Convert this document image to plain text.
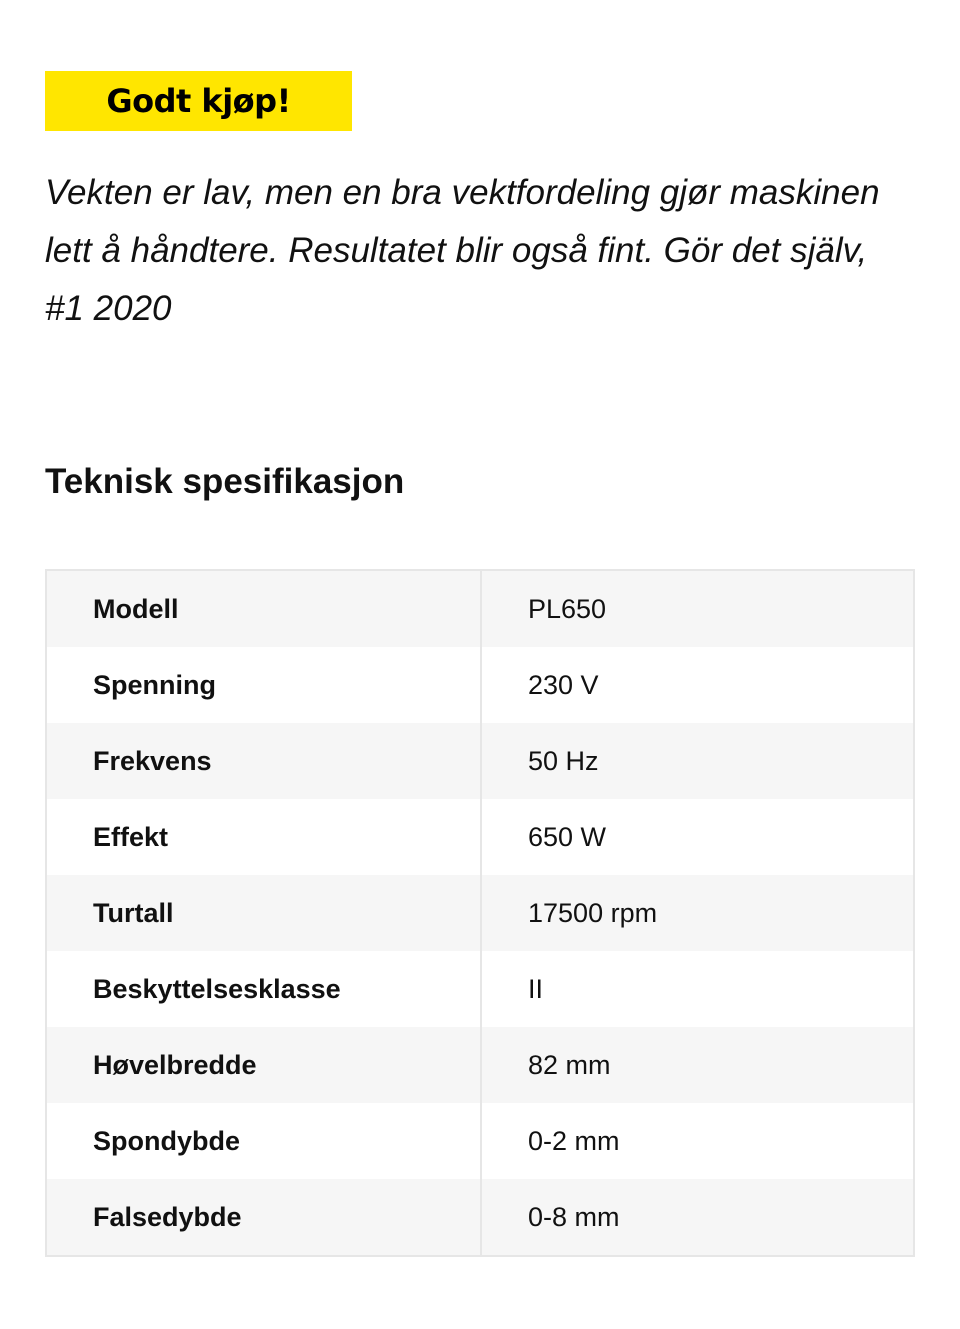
Godt kjøp!

Vekten er lav, men en bra vektfordeling gjør maskinen lett å håndtere. Resultatet blir også fint. Gör det själv, #1 2020

Teknisk spesifikasjon
Modell	PL650
Spenning	230 V
Frekvens	50 Hz
Effekt	650 W
Turtall	17500 rpm
Beskyttelsesklasse	II
Høvelbredde	82 mm
Spondybde	0-2 mm
Falsedybde	0-8 mm
